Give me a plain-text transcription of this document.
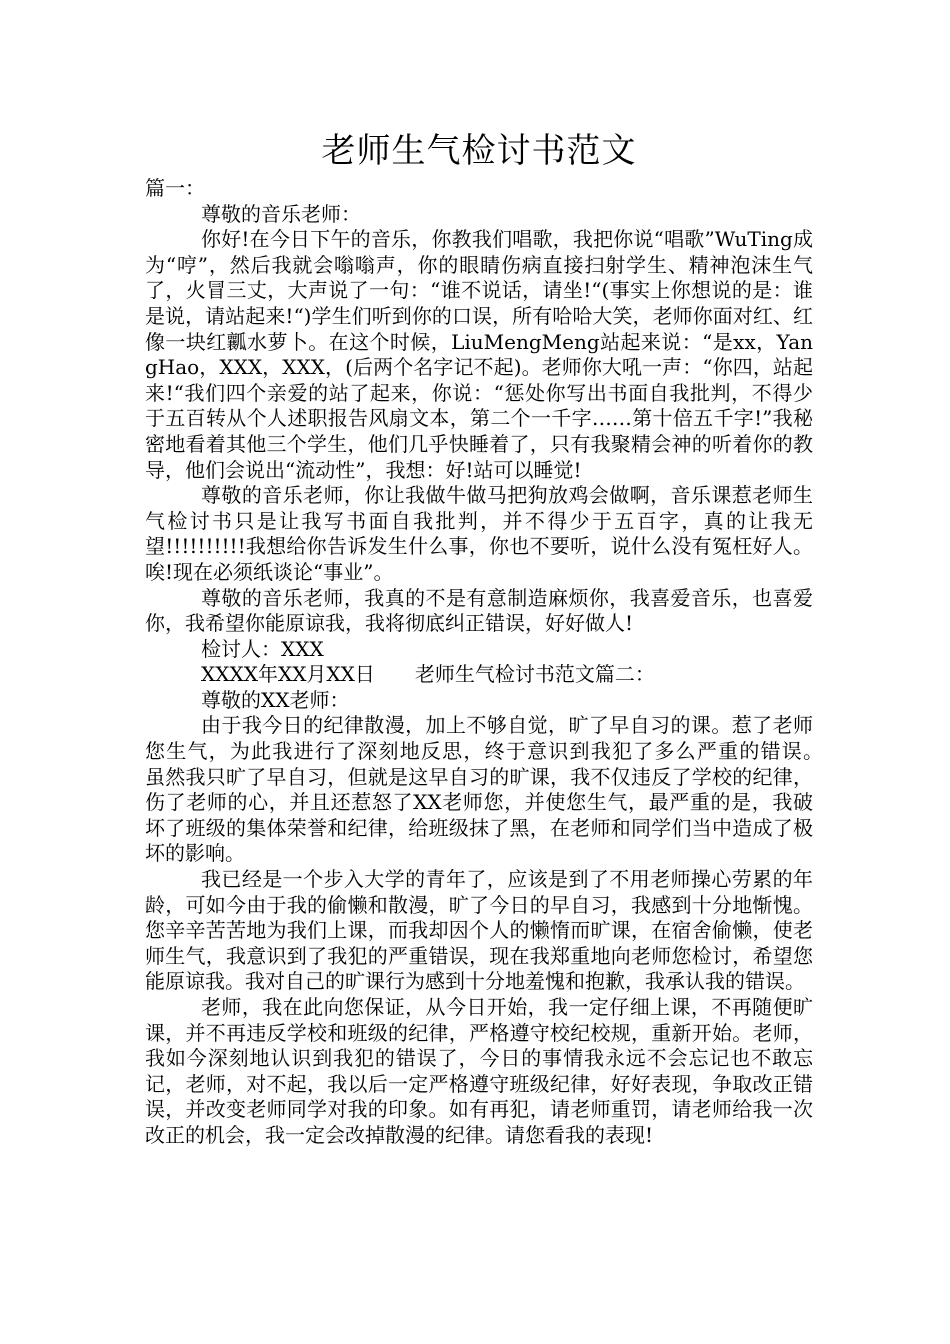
老师生气检讨书范文

篇一：

尊敬的音乐老师：

你好!在今日下午的音乐，你教我们唱歌，我把你说“唱歌”WuTing成为“哼”，然后我就会嗡嗡声，你的眼睛伤病直接扫射学生、精神泡沫生气了，火冒三丈，大声说了一句：“谁不说话，请坐!“(事实上你想说的是：谁是说，请站起来!“)学生们听到你的口误，所有哈哈大笑，老师你面对红、红像一块红瓤水萝卜。在这个时候，LiuMengMeng站起来说：“是xx，YangHao，XXX，XXX，(后两个名字记不起)。老师你大吼一声：“你四，站起来!“我们四个亲爱的站了起来，你说：“惩处你写出书面自我批判，不得少于五百转从个人述职报告风扇文本，第二个一千字……第十倍五千字!”我秘密地看着其他三个学生，他们几乎快睡着了，只有我聚精会神的听着你的教导，他们会说出“流动性”，我想：好!站可以睡觉!

尊敬的音乐老师，你让我做牛做马把狗放鸡会做啊，音乐课惹老师生气检讨书只是让我写书面自我批判，并不得少于五百字，真的让我无望!!!!!!!!!!我想给你告诉发生什么事，你也不要听，说什么没有冤枉好人。唉!现在必须纸谈论“事业”。

尊敬的音乐老师，我真的不是有意制造麻烦你，我喜爱音乐，也喜爱你，我希望你能原谅我，我将彻底纠正错误，好好做人!

检讨人：XXX

XXXX年XX月XX日　　老师生气检讨书范文篇二：

尊敬的XX老师：

由于我今日的纪律散漫，加上不够自觉，旷了早自习的课。惹了老师您生气，为此我进行了深刻地反思，终于意识到我犯了多么严重的错误。　　虽然我只旷了早自习，但就是这早自习的旷课，我不仅违反了学校的纪律，伤了老师的心，并且还惹怒了XX老师您，并使您生气，最严重的是，我破坏了班级的集体荣誉和纪律，给班级抹了黑，在老师和同学们当中造成了极坏的影响。

我已经是一个步入大学的青年了，应该是到了不用老师操心劳累的年龄，可如今由于我的偷懒和散漫，旷了今日的早自习，我感到十分地惭愧。您辛辛苦苦地为我们上课，而我却因个人的懒惰而旷课，在宿舍偷懒，使老师生气，我意识到了我犯的严重错误，现在我郑重地向老师您检讨，希望您能原谅我。我对自己的旷课行为感到十分地羞愧和抱歉，我承认我的错误。

老师，我在此向您保证，从今日开始，我一定仔细上课，不再随便旷课，并不再违反学校和班级的纪律，严格遵守校纪校规，重新开始。老师，我如今深刻地认识到我犯的错误了，今日的事情我永远不会忘记也不敢忘记，老师，对不起，我以后一定严格遵守班级纪律，好好表现，争取改正错误，并改变老师同学对我的印象。如有再犯，请老师重罚，请老师给我一次改正的机会，我一定会改掉散漫的纪律。请您看我的表现!
